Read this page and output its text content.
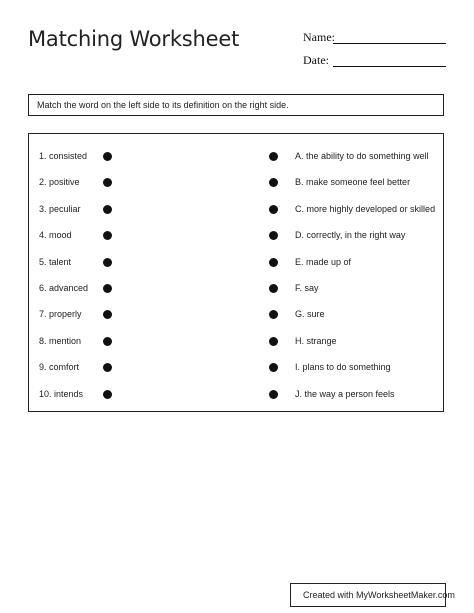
Matching Worksheet	Name:
Date:
Match the word on the left side to its definition on the right side.
1. consisted	A. the ability to do something well
2. positive	B. make someone feel better
3. peculiar	C. more highly developed or skilled
4. mood	D. correctly, in the right way
5. talent	E. made up of
6. advanced	F. say
7. properly	G. sure
8. mention	H. strange
9. comfort	I. plans to do something
10. intends	J. the way a person feels
Created with MyWorksheetMaker.com
